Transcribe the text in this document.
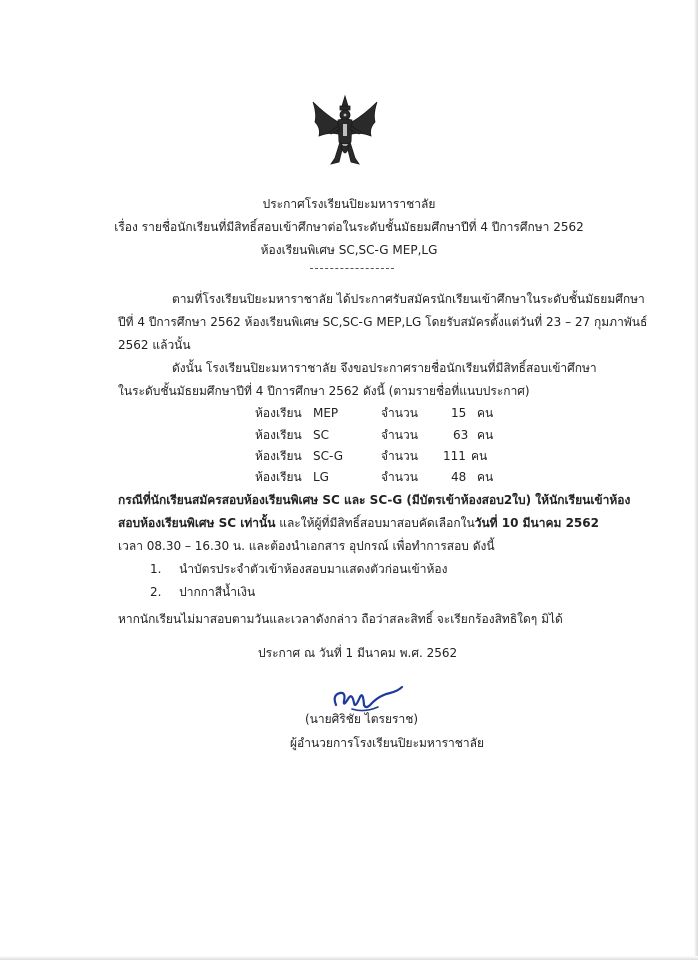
ประกาศโรงเรียนปิยะมหาราชาลัย
เรื่อง รายชื่อนักเรียนที่มีสิทธิ์สอบเข้าศึกษาต่อในระดับชั้นมัธยมศึกษาปีที่ 4 ปีการศึกษา 2562
ห้องเรียนพิเศษ SC,SC-G MEP,LG
ตามที่โรงเรียนปิยะมหาราชาลัย ได้ประกาศรับสมัครนักเรียนเข้าศึกษาในระดับชั้นมัธยมศึกษา
ปีที่ 4 ปีการศึกษา 2562 ห้องเรียนพิเศษ SC,SC-G MEP,LG โดยรับสมัครตั้งแต่วันที่ 23 – 27 กุมภาพันธ์
2562 แล้วนั้น
ดังนั้น โรงเรียนปิยะมหาราชาลัย จึงขอประกาศรายชื่อนักเรียนที่มีสิทธิ์สอบเข้าศึกษา
ในระดับชั้นมัธยมศึกษาปีที่ 4 ปีการศึกษา 2562 ดังนี้ (ตามรายชื่อที่แนบประกาศ)
ห้องเรียน MEP	จำนวน	15 คน
ห้องเรียน SC	จำนวน	63 คน
ห้องเรียน SC-G	จำนวน 111 คน
ห้องเรียน LG	จำนวน	48 คน
กรณีที่นักเรียนสมัครสอบห้องเรียนพิเศษ SC และ SC-G (มีบัตรเข้าห้องสอบ2ใบ) ให้นักเรียนเข้าห้อง
สอบห้องเรียนพิเศษ SC เท่านั้น และให้ผู้ที่มีสิทธิ์สอบมาสอบคัดเลือกในวันที่ 10 มีนาคม 2562
เวลา 08.30 – 16.30 น. และต้องนำเอกสาร อุปกรณ์ เพื่อทำการสอบ ดังนี้
1. นำบัตรประจำตัวเข้าห้องสอบมาแสดงตัวก่อนเข้าห้อง
2. ปากกาสีน้ำเงิน
หากนักเรียนไม่มาสอบตามวันและเวลาดังกล่าว ถือว่าสละสิทธิ์ จะเรียกร้องสิทธิใดๆ มิได้
ประกาศ ณ วันที่ 1 มีนาคม พ.ศ. 2562
(นายศิริชัย ไตรยราช)
ผู้อำนวยการโรงเรียนปิยะมหาราชาลัย
